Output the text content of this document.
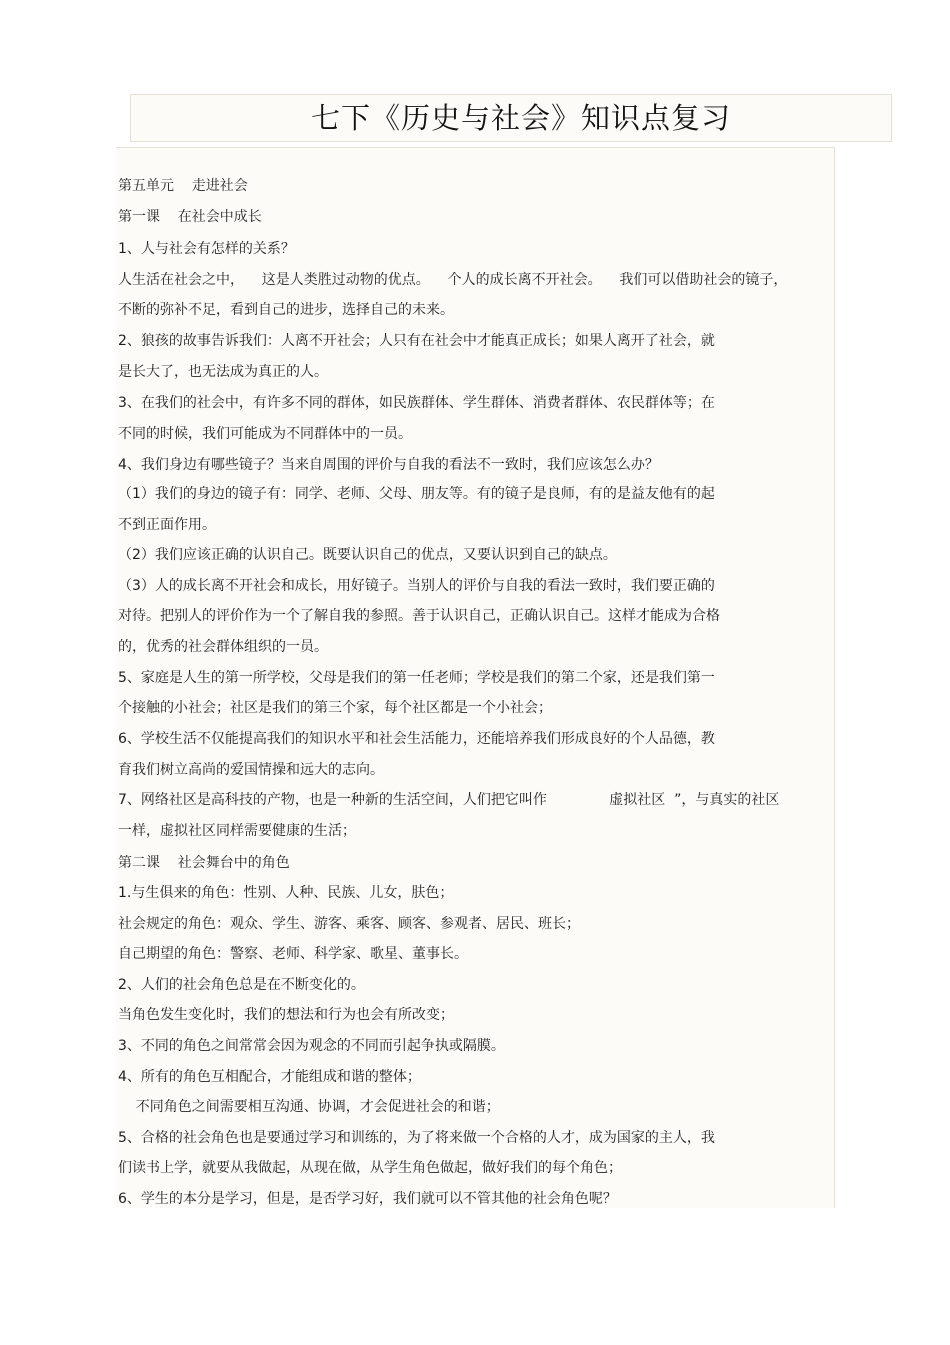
七下《历史与社会》知识点复习
第五单元    走进社会
第一课    在社会中成长
1、人与社会有怎样的关系？
人生活在社会之中，    这是人类胜过动物的优点。    个人的成长离不开社会。    我们可以借助社会的镜子，
不断的弥补不足，看到自己的进步，选择自己的未来。
2、狼孩的故事告诉我们：人离不开社会；人只有在社会中才能真正成长；如果人离开了社会，就
是长大了，也无法成为真正的人。
3、在我们的社会中，有许多不同的群体，如民族群体、学生群体、消费者群体、农民群体等；在
不同的时候，我们可能成为不同群体中的一员。
4、我们身边有哪些镜子？当来自周围的评价与自我的看法不一致时，我们应该怎么办？
（1）我们的身边的镜子有：同学、老师、父母、朋友等。有的镜子是良师，有的是益友他有的起
不到正面作用。
（2）我们应该正确的认识自己。既要认识自己的优点，又要认识到自己的缺点。
（3）人的成长离不开社会和成长，用好镜子。当别人的评价与自我的看法一致时，我们要正确的
对待。把别人的评价作为一个了解自我的参照。善于认识自己，正确认识自己。这样才能成为合格
的，优秀的社会群体组织的一员。
5、家庭是人生的第一所学校，父母是我们的第一任老师；学校是我们的第二个家，还是我们第一
个接触的小社会；社区是我们的第三个家，每个社区都是一个小社会；
6、学校生活不仅能提高我们的知识水平和社会生活能力，还能培养我们形成良好的个人品德，教
育我们树立高尚的爱国情操和远大的志向。
7、网络社区是高科技的产物，也是一种新的生活空间，人们把它叫作              虚拟社区  ”，与真实的社区
一样，虚拟社区同样需要健康的生活；
第二课    社会舞台中的角色
1.与生俱来的角色：性别、人种、民族、儿女，肤色；
社会规定的角色：观众、学生、游客、乘客、顾客、参观者、居民、班长；
自己期望的角色：警察、老师、科学家、歌星、董事长。
2、人们的社会角色总是在不断变化的。
当角色发生变化时，我们的想法和行为也会有所改变；
3、不同的角色之间常常会因为观念的不同而引起争执或隔膜。
4、所有的角色互相配合，才能组成和谐的整体；
不同角色之间需要相互沟通、协调，才会促进社会的和谐；
5、合格的社会角色也是要通过学习和训练的，为了将来做一个合格的人才，成为国家的主人，我
们读书上学，就要从我做起，从现在做，从学生角色做起，做好我们的每个角色；
6、学生的本分是学习，但是，是否学习好，我们就可以不管其他的社会角色呢？
